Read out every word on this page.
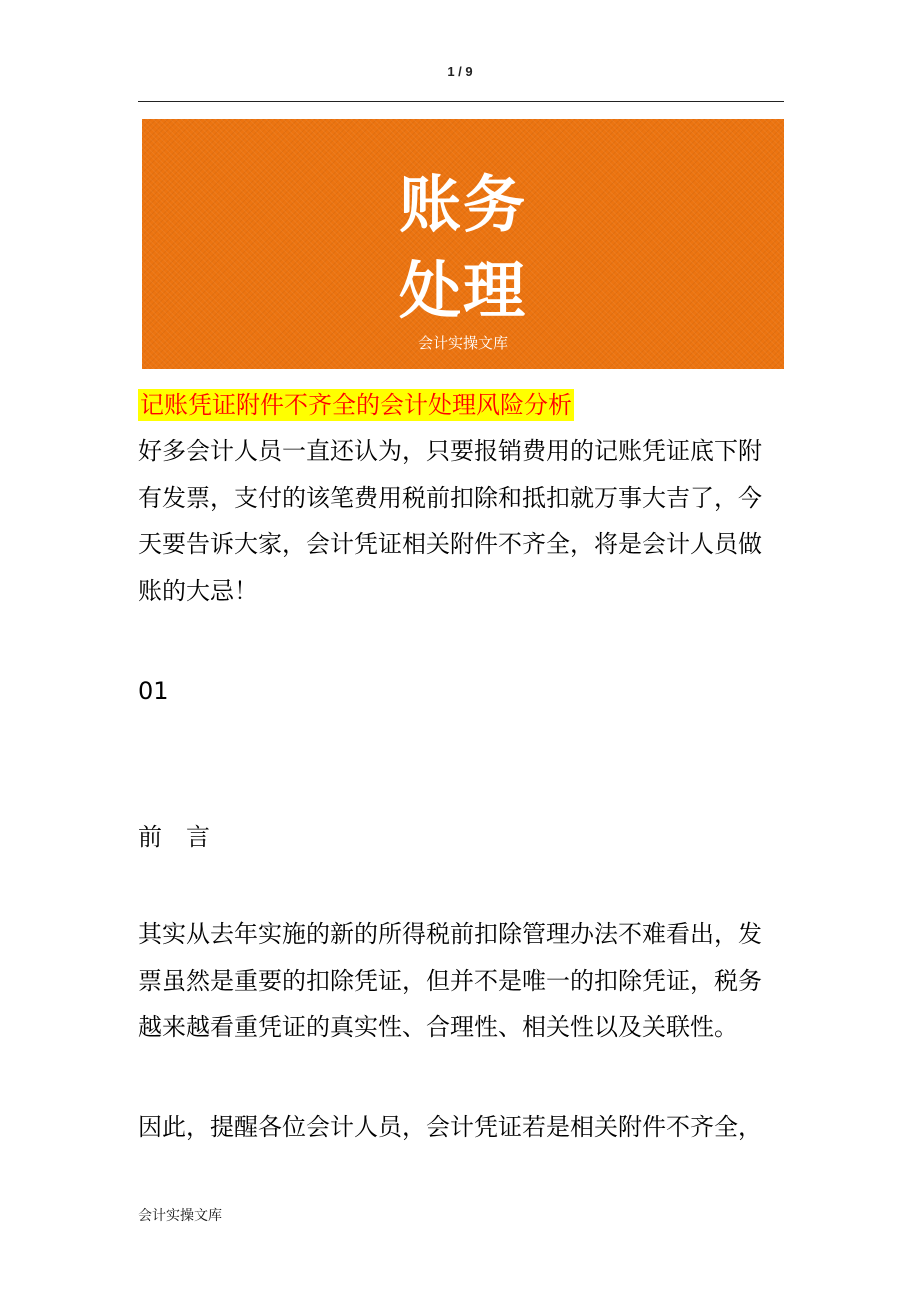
1 / 9
账务
处理
会计实操文库
记账凭证附件不齐全的会计处理风险分析
好多会计人员一直还认为，只要报销费用的记账凭证底下附
有发票，支付的该笔费用税前扣除和抵扣就万事大吉了，今
天要告诉大家，会计凭证相关附件不齐全，将是会计人员做
账的大忌！
01
前　言
其实从去年实施的新的所得税前扣除管理办法不难看出，发
票虽然是重要的扣除凭证，但并不是唯一的扣除凭证，税务
越来越看重凭证的真实性、合理性、相关性以及关联性。
因此，提醒各位会计人员，会计凭证若是相关附件不齐全，
会计实操文库
